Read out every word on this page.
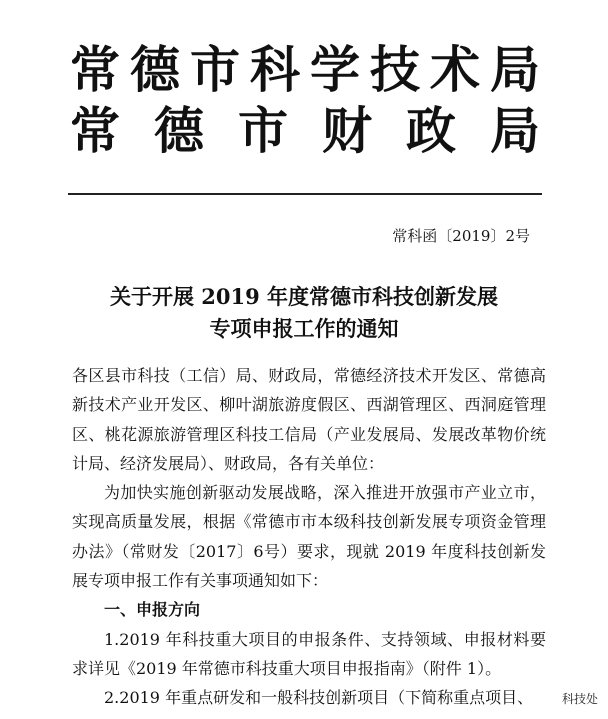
常 德 市 科 学 技 术 局
常 德 市 财 政 局
常科函〔2019〕2号
关于开展 2019 年度常德市科技创新发展
专项申报工作的通知

各区县市科技（工信）局、财政局，常德经济技术开发区、常德高新技术产业开发区、柳叶湖旅游度假区、西湖管理区、西洞庭管理区、桃花源旅游管理区科技工信局（产业发展局、发展改革物价统计局、经济发展局）、财政局，各有关单位：

为加快实施创新驱动发展战略，深入推进开放强市产业立市，实现高质量发展，根据《常德市市本级科技创新发展专项资金管理办法》（常财发〔2017〕6号）要求，现就 2019 年度科技创新发展专项申报工作有关事项通知如下：

一、申报方向

1.2019 年科技重大项目的申报条件、支持领域、申报材料要求详见《2019 年常德市科技重大项目申报指南》（附件 1）。

2.2019 年重点研发和一般科技创新项目（下简称重点项目、	科技处
